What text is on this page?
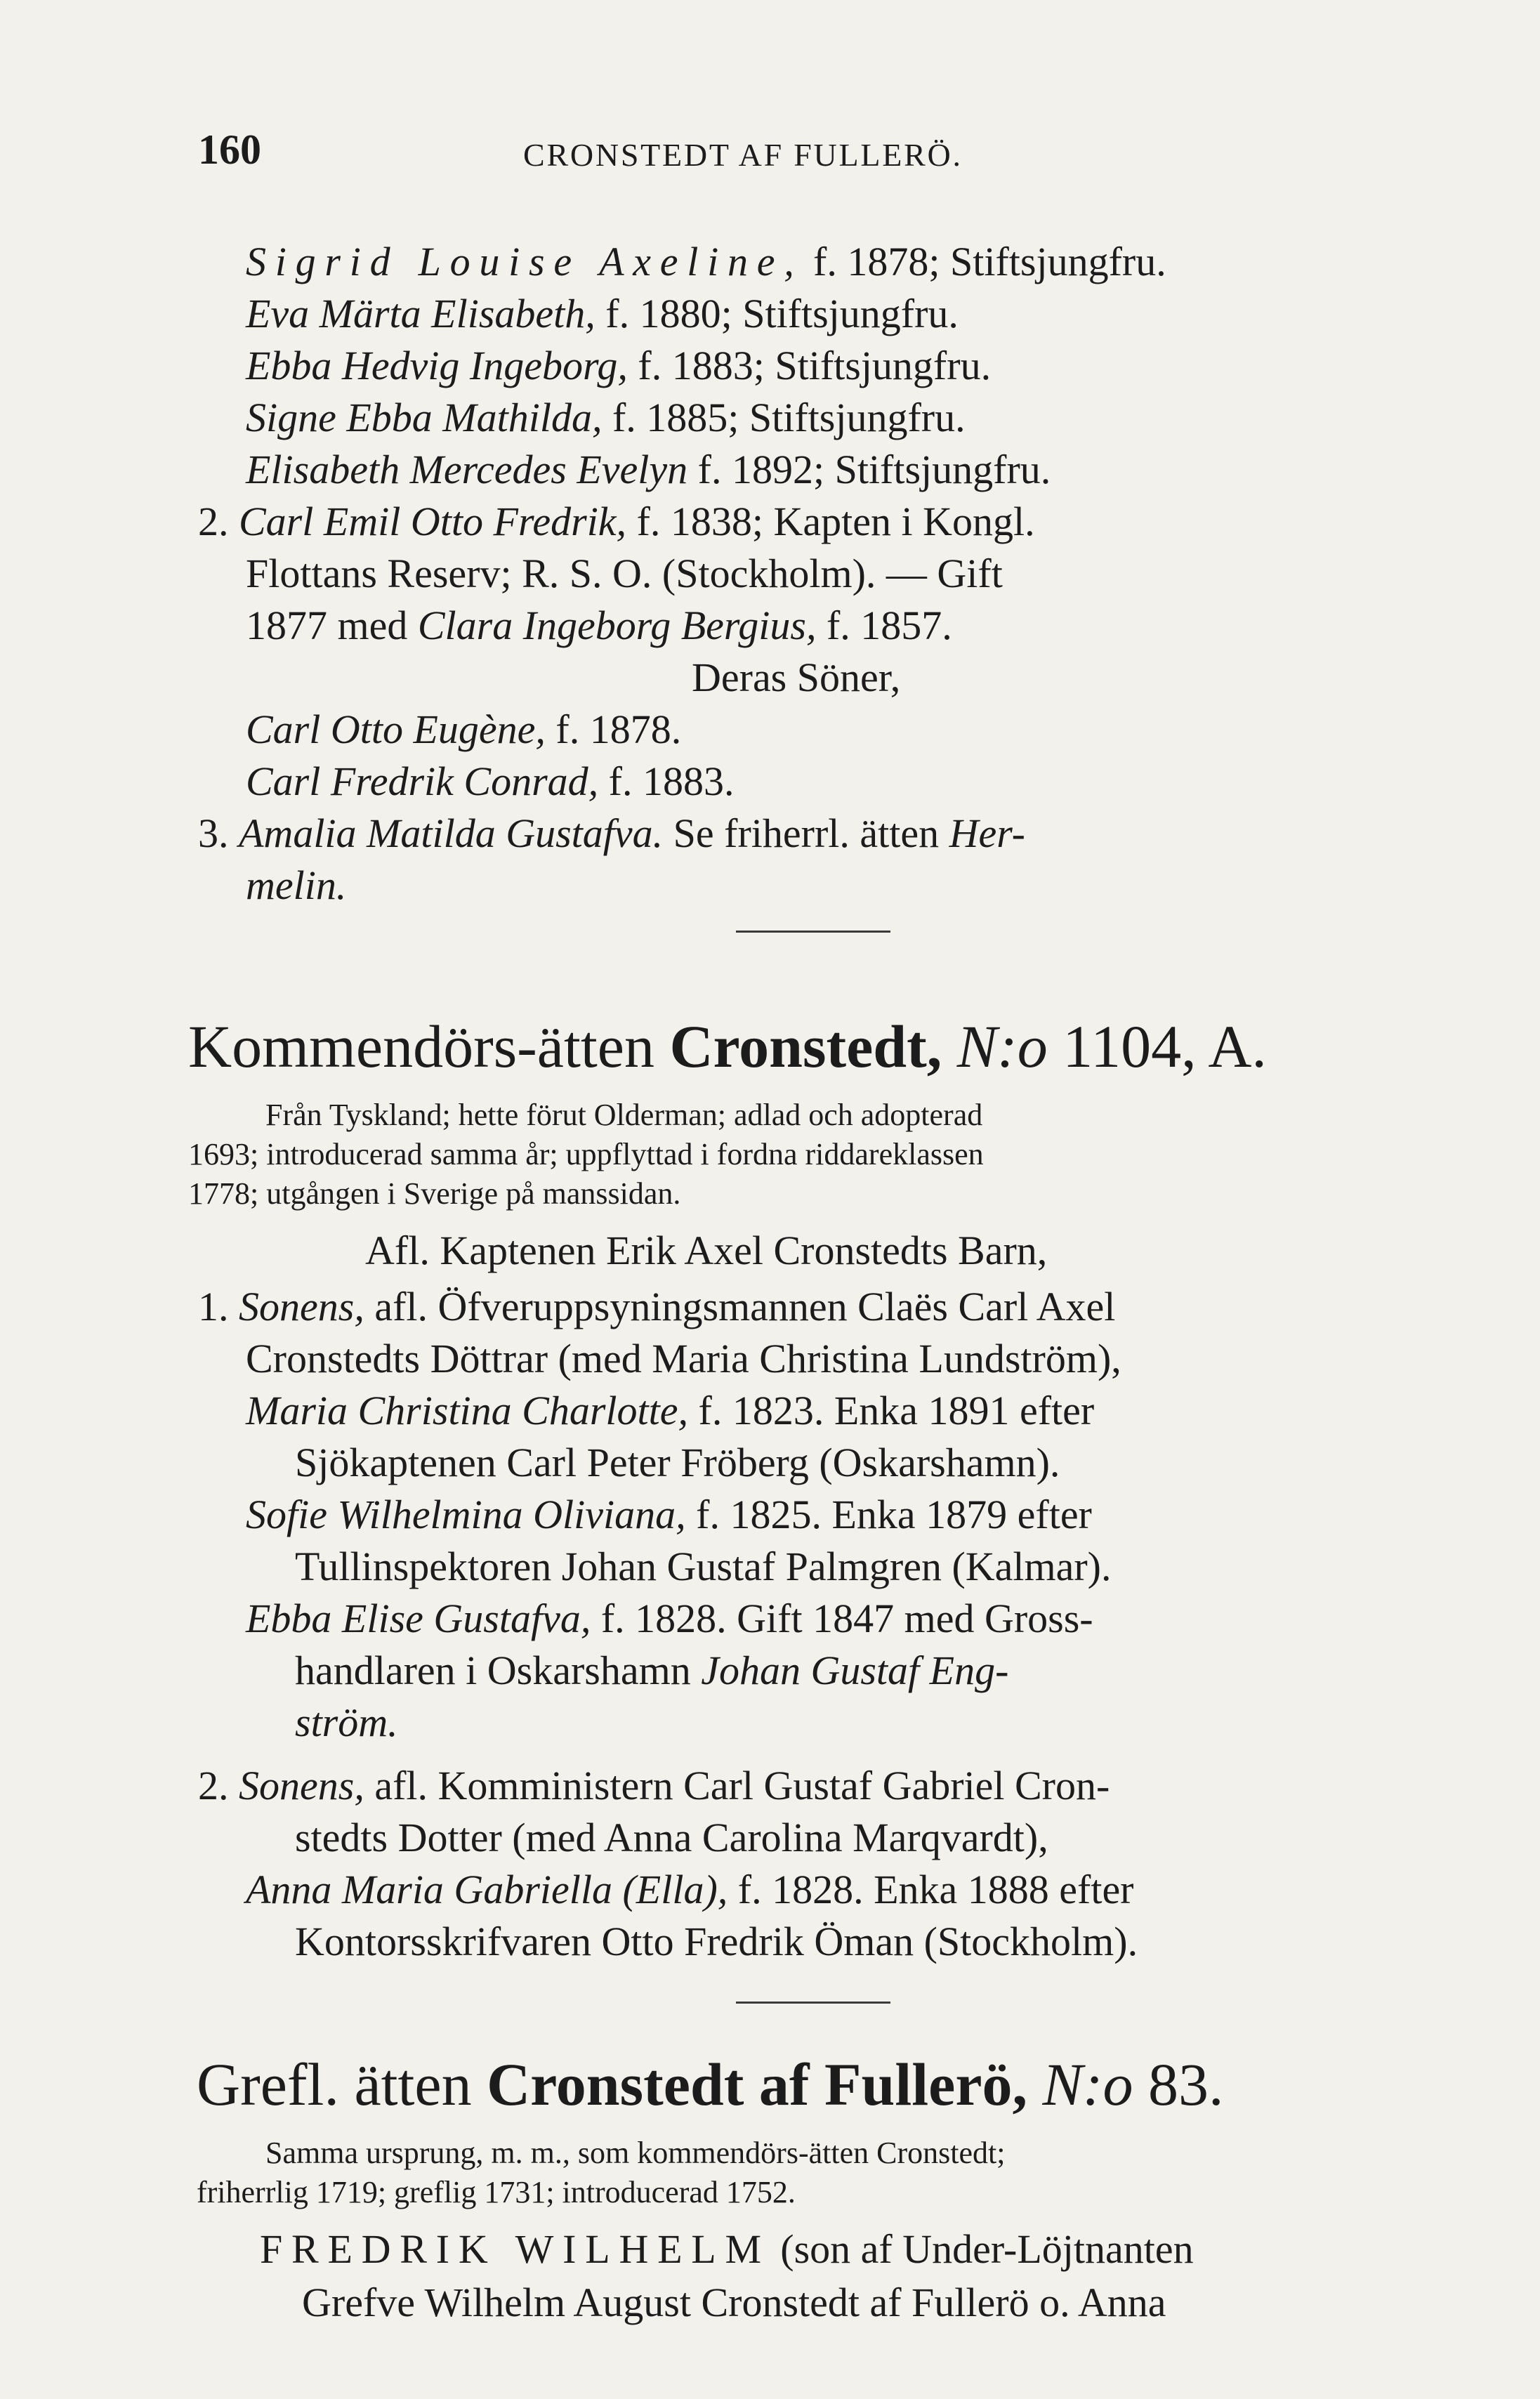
160	CRONSTEDT AF FULLERÖ.
Sigrid Louise Axeline, f. 1878; Stiftsjungfru.
Eva Märta Elisabeth, f. 1880; Stiftsjungfru.
Ebba Hedvig Ingeborg, f. 1883; Stiftsjungfru.
Signe Ebba Mathilda, f. 1885; Stiftsjungfru.
Elisabeth Mercedes Evelyn f. 1892; Stiftsjungfru.
2. Carl Emil Otto Fredrik, f. 1838; Kapten i Kongl.
Flottans Reserv; R. S. O. (Stockholm). — Gift
1877 med Clara Ingeborg Bergius, f. 1857.
Deras Söner,
Carl Otto Eugène, f. 1878.
Carl Fredrik Conrad, f. 1883.
3. Amalia Matilda Gustafva. Se friherrl. ätten Her-
melin.
Kommendörs-ätten Cronstedt, N:o 1104, A.
Från Tyskland; hette förut Olderman; adlad och adopterad
1693; introducerad samma år; uppflyttad i fordna riddareklassen
1778; utgången i Sverige på manssidan.
Afl. Kaptenen Erik Axel Cronstedts Barn,
1. Sonens, afl. Öfveruppsyningsmannen Claës Carl Axel
Cronstedts Döttrar (med Maria Christina Lundström),
Maria Christina Charlotte, f. 1823. Enka 1891 efter
Sjökaptenen Carl Peter Fröberg (Oskarshamn).
Sofie Wilhelmina Oliviana, f. 1825. Enka 1879 efter
Tullinspektoren Johan Gustaf Palmgren (Kalmar).
Ebba Elise Gustafva, f. 1828. Gift 1847 med Gross-
handlaren i Oskarshamn Johan Gustaf Eng-
ström.
2. Sonens, afl. Komministern Carl Gustaf Gabriel Cron-
stedts Dotter (med Anna Carolina Marqvardt),
Anna Maria Gabriella (Ella), f. 1828. Enka 1888 efter
Kontorsskrifvaren Otto Fredrik Öman (Stockholm).
Grefl. ätten Cronstedt af Fullerö, N:o 83.
Samma ursprung, m. m., som kommendörs-ätten Cronstedt;
friherrlig 1719; greflig 1731; introducerad 1752.
FREDRIK WILHELM (son af Under-Löjtnanten
Grefve Wilhelm August Cronstedt af Fullerö o. Anna
